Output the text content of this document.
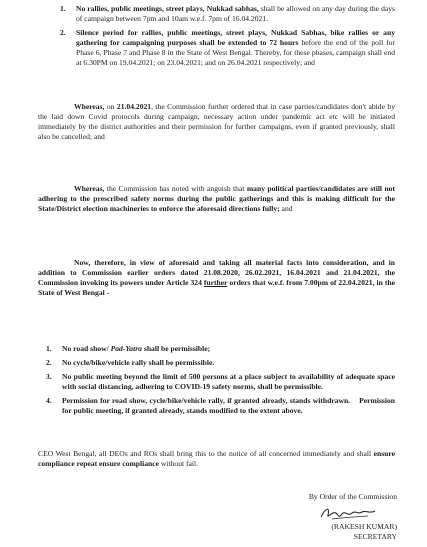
1.	No rallies, public meetings, street plays, Nukkad sabhas, shall be allowed on any day during the days of campaign between 7pm and 10am w.e.f. 7pm of 16.04.2021.
2.	Silence period for rallies, public meetings, street plays, Nukkad Sabhas, bike rallies or any gathering for campaigning purposes shall be extended to 72 hours before the end of the poll for Phase 6, Phase 7 and Phase 8 in the State of West Bengal. Thereby, for these phases, campaign shall end at 6.30PM on 19.04.2021; on 23.04.2021; and on 26.04.2021 respectively; and
Whereas, on 21.04.2021, the Commission further ordered that in case parties/candidates don't abide by the laid down Covid protocols during campaign, necessary action under pandemic act etc will be initiated immediately by the district authorities and their permission for further campaigns, even if granted previously, shall also be cancelled; and
Whereas, the Commission has noted with anguish that many political parties/candidates are still not adhering to the prescribed safety norms during the public gatherings and this is making difficult for the State/District election machineries to enforce the aforesaid directions fully; and
Now, therefore, in view of aforesaid and taking all material facts into consideration, and in addition to Commission earlier orders dated 21.08.2020, 26.02.2021, 16.04.2021 and 21.04.2021, the Commission invoking its powers under Article 324 further orders that w.e.f. from 7.00pm of 22.04.2021, in the State of West Bengal -
1.	No road show/ Pad-Yatra shall be permissible;
2.	No cycle/bike/vehicle rally shall be permissible.
3.	No public meeting beyond the limit of 500 persons at a place subject to availability of adequate space with social distancing, adhering to COVID-19 safety norms, shall be permissible.
4.	Permission for road show, cycle/bike/vehicle rally, if granted already, stands withdrawn.    Permission for public meeting, if granted already, stands modified to the extent above.
CEO West Bengal, all DEOs and ROs shall bring this to the notice of all concerned immediately and shall ensure compliance repeat ensure compliance without fail.
By Order of the Commission
(RAKESH KUMAR)
SECRETARY
